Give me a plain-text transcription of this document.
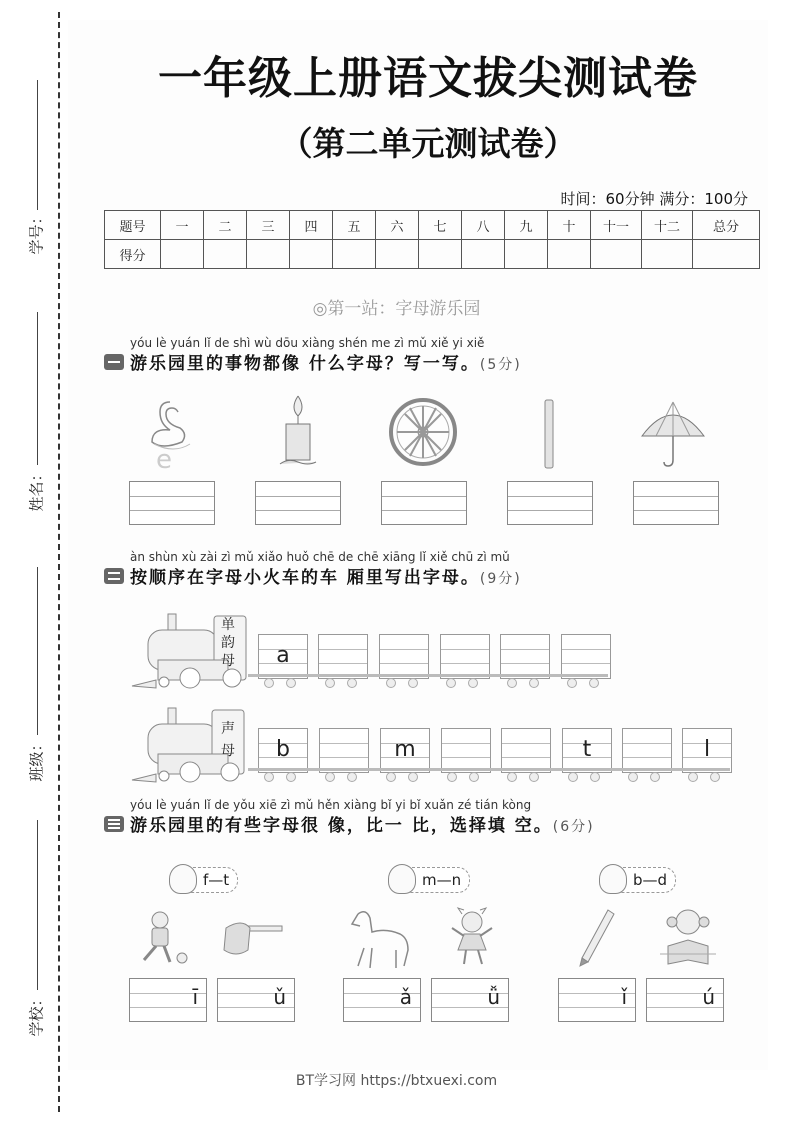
学号：
姓名：
班级：
学校：
一年级上册语文拔尖测试卷
（第二单元测试卷）
时间：60分钟 满分：100分
题号	一	二	三	四	五	六	七	八	九	十	十一	十二	总分
得分													
◎第一站：字母游乐园
yóu lè yuán lǐ de shì wù dōu xiàng shén me zì mǔ xiě yi xiě
游乐园里的事物都像 什么字母？写一写。(5分)
e
àn shùn xù zài zì mǔ xiǎo huǒ chē de chē xiāng lǐ xiě chū zì mǔ
按顺序在字母小火车的车 厢里写出字母。(9分)
单韵母	a
声母	b	m	t	l
yóu lè yuán lǐ de yǒu xiē zì mǔ hěn xiàng bǐ yi bǐ xuǎn zé tián kòng
游乐园里的有些字母很 像，比一 比，选择填 空。(6分)
f—t
ī	ǔ
m—n
ǎ	ǚ
b—d
ǐ	ú
BT学习网 https://btxuexi.com
